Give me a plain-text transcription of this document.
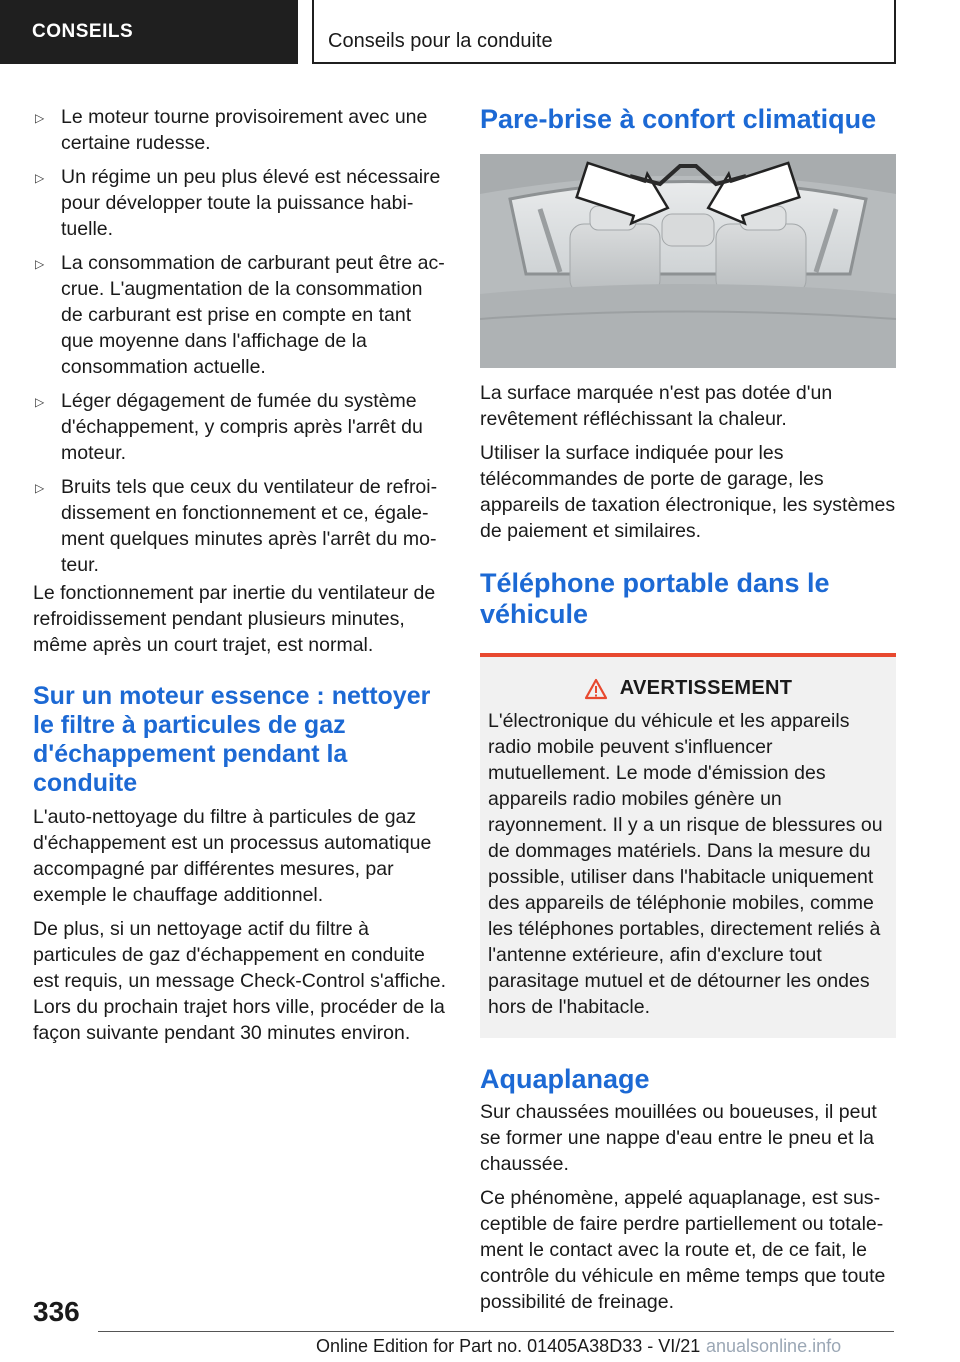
CONSEILS	Conseils pour la conduite
▷ Le moteur tourne provisoirement avec une certaine rudesse.
▷ Un régime un peu plus élevé est nécessaire pour développer toute la puissance habituelle.
▷ La consommation de carburant peut être accrue. L'augmentation de la consommation de carburant est prise en compte en tant que moyenne dans l'affichage de la consommation actuelle.
▷ Léger dégagement de fumée du système d'échappement, y compris après l'arrêt du moteur.
▷ Bruits tels que ceux du ventilateur de refroidissement en fonctionnement et ce, également quelques minutes après l'arrêt du moteur.

Le fonctionnement par inertie du ventilateur de refroidissement pendant plusieurs minutes, même après un court trajet, est normal.

Sur un moteur essence : nettoyer le filtre à particules de gaz d'échappement pendant la conduite

L'auto-nettoyage du filtre à particules de gaz d'échappement est un processus automatique accompagné par différentes mesures, par exemple le chauffage additionnel.

De plus, si un nettoyage actif du filtre à particules de gaz d'échappement en conduite est requis, un message Check-Control s'affiche. Lors du prochain trajet hors ville, procéder de la façon suivante pendant 30 minutes environ.

Pare-brise à confort climatique

La surface marquée n'est pas dotée d'un revêtement réfléchissant la chaleur.

Utiliser la surface indiquée pour les télécommandes de porte de garage, les appareils de taxation électronique, les systèmes de paiement et similaires.

Téléphone portable dans le véhicule
AVERTISSEMENT

L'électronique du véhicule et les appareils radio mobile peuvent s'influencer mutuellement. Le mode d'émission des appareils radio mobiles génère un rayonnement. Il y a un risque de blessures ou de dommages matériels. Dans la mesure du possible, utiliser dans l'habitacle uniquement des appareils de téléphonie mobiles, comme les téléphones portables, directement reliés à l'antenne extérieure, afin d'exclure tout parasitage mutuel et de détourner les ondes hors de l'habitacle.

Aquaplanage

Sur chaussées mouillées ou boueuses, il peut se former une nappe d'eau entre le pneu et la chaussée.

Ce phénomène, appelé aquaplanage, est susceptible de faire perdre partiellement ou totalement le contact avec la route et, de ce fait, le contrôle du véhicule en même temps que toute possibilité de freinage.

336
Online Edition for Part no. 01405A38D33 - VI/21 anualsonline.info
